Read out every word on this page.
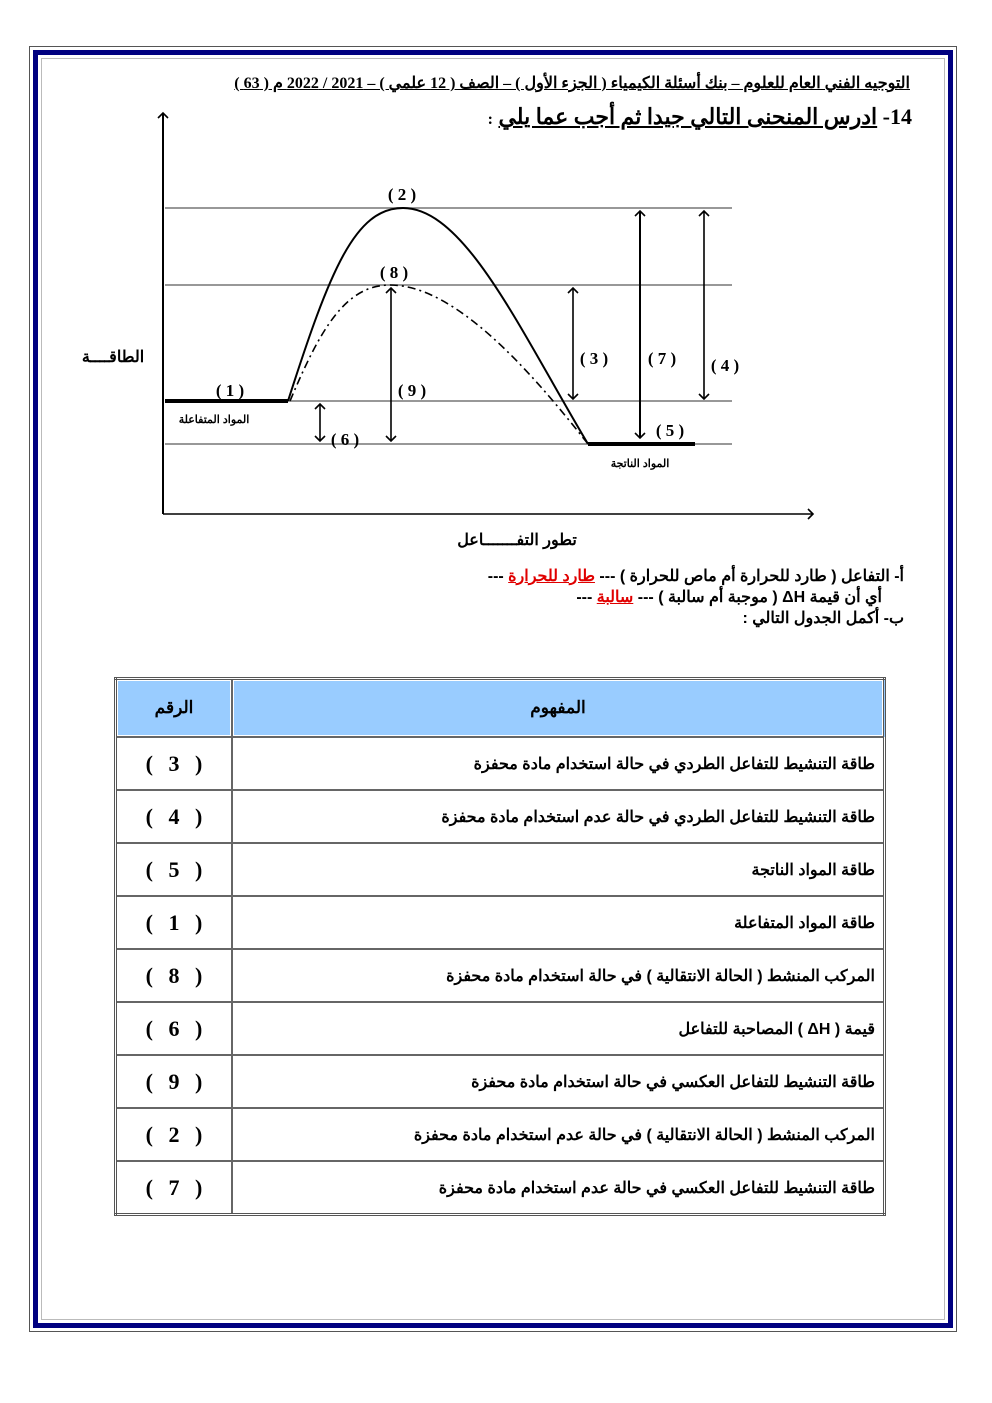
التوجيه الفني العام للعلوم – بنك أسئلة الكيمياء ( الجزء الأول ) – الصف ( 12 علمي ) – 2021 / 2022 م ( 63 )
14- ادرس المنحنى التالي جيدا ثم أجب عما يلي :
( 1 )
( 2 )
( 3 )	( 4 )
( 5 )
( 6 )
( 7 )
( 8 )
( 9 )
المواد المتفاعلة
المواد الناتجة
الطاقــــة
تطور التفـــــــاعل
أ- التفاعل ( طارد للحرارة أم ماص للحرارة ) --- طارد للحرارة ---
أي أن قيمة ΔH ( موجبة أم سالبة ) --- سالبة ---
ب- أكمل الجدول التالي :
المفهوم	الرقم
طاقة التنشيط للتفاعل الطردي في حالة استخدام مادة محفزة	( 3 )
طاقة التنشيط للتفاعل الطردي في حالة عدم استخدام مادة محفزة	( 4 )
طاقة المواد الناتجة	( 5 )
طاقة المواد المتفاعلة	( 1 )
المركب المنشط ( الحالة الانتقالية ) في حالة استخدام مادة محفزة	( 8 )
قيمة ( ΔH ) المصاحبة للتفاعل	( 6 )
طاقة التنشيط للتفاعل العكسي في حالة استخدام مادة محفزة	( 9 )
المركب المنشط ( الحالة الانتقالية ) في حالة عدم استخدام مادة محفزة	( 2 )
طاقة التنشيط للتفاعل العكسي في حالة عدم استخدام مادة محفزة	( 7 )
